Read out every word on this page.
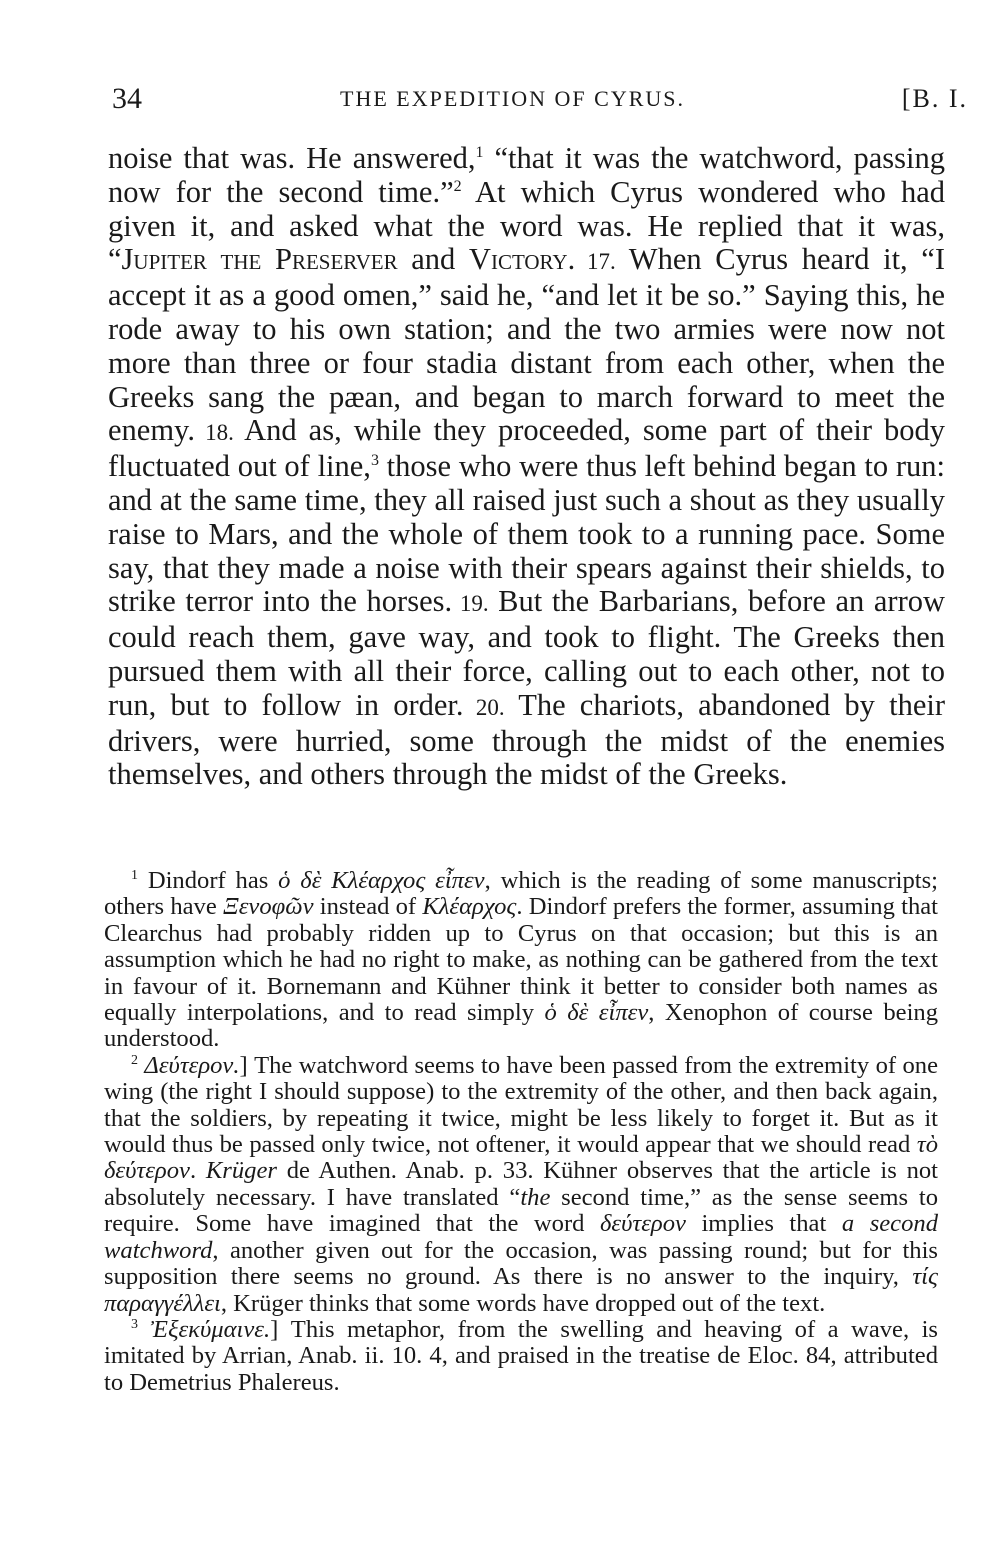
34	THE EXPEDITION OF CYRUS.	[B. I.

noise that was. He answered,$^1$ “that it was the watchword, passing now for the second time.”$^2$ At which Cyrus wondered who had given it, and asked what the word was. He replied that it was, “Jupiter the Preserver and Victory. 17. When Cyrus heard it, “I accept it as a good omen,” said he, “and let it be so.” Saying this, he rode away to his own station; and the two armies were now not more than three or four stadia distant from each other, when the Greeks sang the pæan, and began to march forward to meet the enemy. 18. And as, while they proceeded, some part of their body fluctuated out of line,$^3$ those who were thus left behind began to run: and at the same time, they all raised just such a shout as they usually raise to Mars, and the whole of them took to a running pace. Some say, that they made a noise with their spears against their shields, to strike terror into the horses. 19. But the Barbarians, before an arrow could reach them, gave way, and took to flight. The Greeks then pursued them with all their force, calling out to each other, not to run, but to follow in order. 20. The chariots, abandoned by their drivers, were hurried, some through the midst of the enemies themselves, and others through the midst of the Greeks.

$^1$ Dindorf has ὁ δὲ Κλέαρχος εἶπεν, which is the reading of some manuscripts; others have Ξενοφῶν instead of Κλέαρχος. Dindorf prefers the former, assuming that Clearchus had probably ridden up to Cyrus on that occasion; but this is an assumption which he had no right to make, as nothing can be gathered from the text in favour of it. Bornemann and Kühner think it better to consider both names as equally interpolations, and to read simply ὁ δὲ εἶπεν, Xenophon of course being understood.

$^2$ Δεύτερον.] The watchword seems to have been passed from the extremity of one wing (the right I should suppose) to the extremity of the other, and then back again, that the soldiers, by repeating it twice, might be less likely to forget it. But as it would thus be passed only twice, not oftener, it would appear that we should read τὸ δεύτερον. Krüger de Authen. Anab. p. 33. Kühner observes that the article is not absolutely necessary. I have translated “the second time,” as the sense seems to require. Some have imagined that the word δεύτερον implies that a second watchword, another given out for the occasion, was passing round; but for this supposition there seems no ground. As there is no answer to the inquiry, τίς παραγγέλλει, Krüger thinks that some words have dropped out of the text.

$^3$ Ἐξεκύμαινε.] This metaphor, from the swelling and heaving of a wave, is imitated by Arrian, Anab. ii. 10. 4, and praised in the treatise de Eloc. 84, attributed to Demetrius Phalereus.
